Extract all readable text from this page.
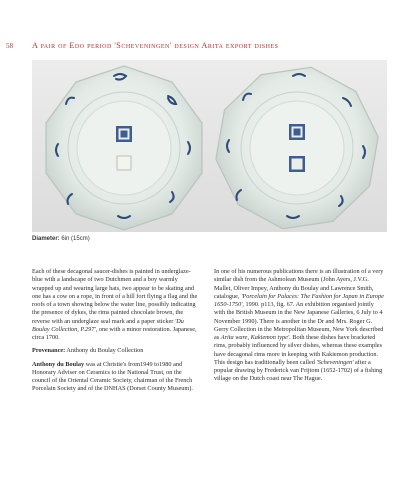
58 A pair of Edo period 'Scheveningen' design Arita export dishes
Diameter: 6in (15cm)

Each of these decagonal saucer-dishes is painted in underglaze-blue with a landscape of two Dutchmen and a boy warmly wrapped up and wearing large hats, two appear to be skating and one has a cow on a rope, in front of a hill fort flying a flag and the roofs of a town showing below the water line, possibly indicating the presence of dykes, the rims painted chocolate brown, the reverse with an underglaze seal mark and a paper sticker 'Du Boulay Collection, P.297', one with a minor restoration. Japanese, circa 1700.

Provenance: Anthony du Boulay Collection

Anthony du Boulay was at Christie's from1949 to1980 and Honorary Adviser on Ceramics to the National Trust, on the council of the Oriental Ceramic Society, chairman of the French Porcelain Society and of the DNHAS (Dorset County Museum).

In one of his numerous publications there is an illustration of a very similar dish from the Ashmolean Museum (John Ayers, J.V.G. Mallet, Oliver Impey, Anthony du Boulay and Lawrence Smith, catalogue, 'Porcelain for Palaces: The Fashion for Japan in Europe 1650-1750', 1990. p113, fig. 67. An exhibition organised jointly with the British Museum in the New Japanese Galleries, 6 July to 4 November 1990). There is another in the Dr and Mrs. Roger G. Gerry Collection in the Metropolitan Museum, New York described as Arita ware, Kakiemon type'. Both these dishes have bracketed rims, probably influenced by silver dishes, whereas these examples have decagonal rims more in keeping with Kakiemon production. This design has traditionally been called 'Scheveningen' after a popular drawing by Frederick van Frijtom (1652-1702) of a fishing village on the Dutch coast near The Hague.
